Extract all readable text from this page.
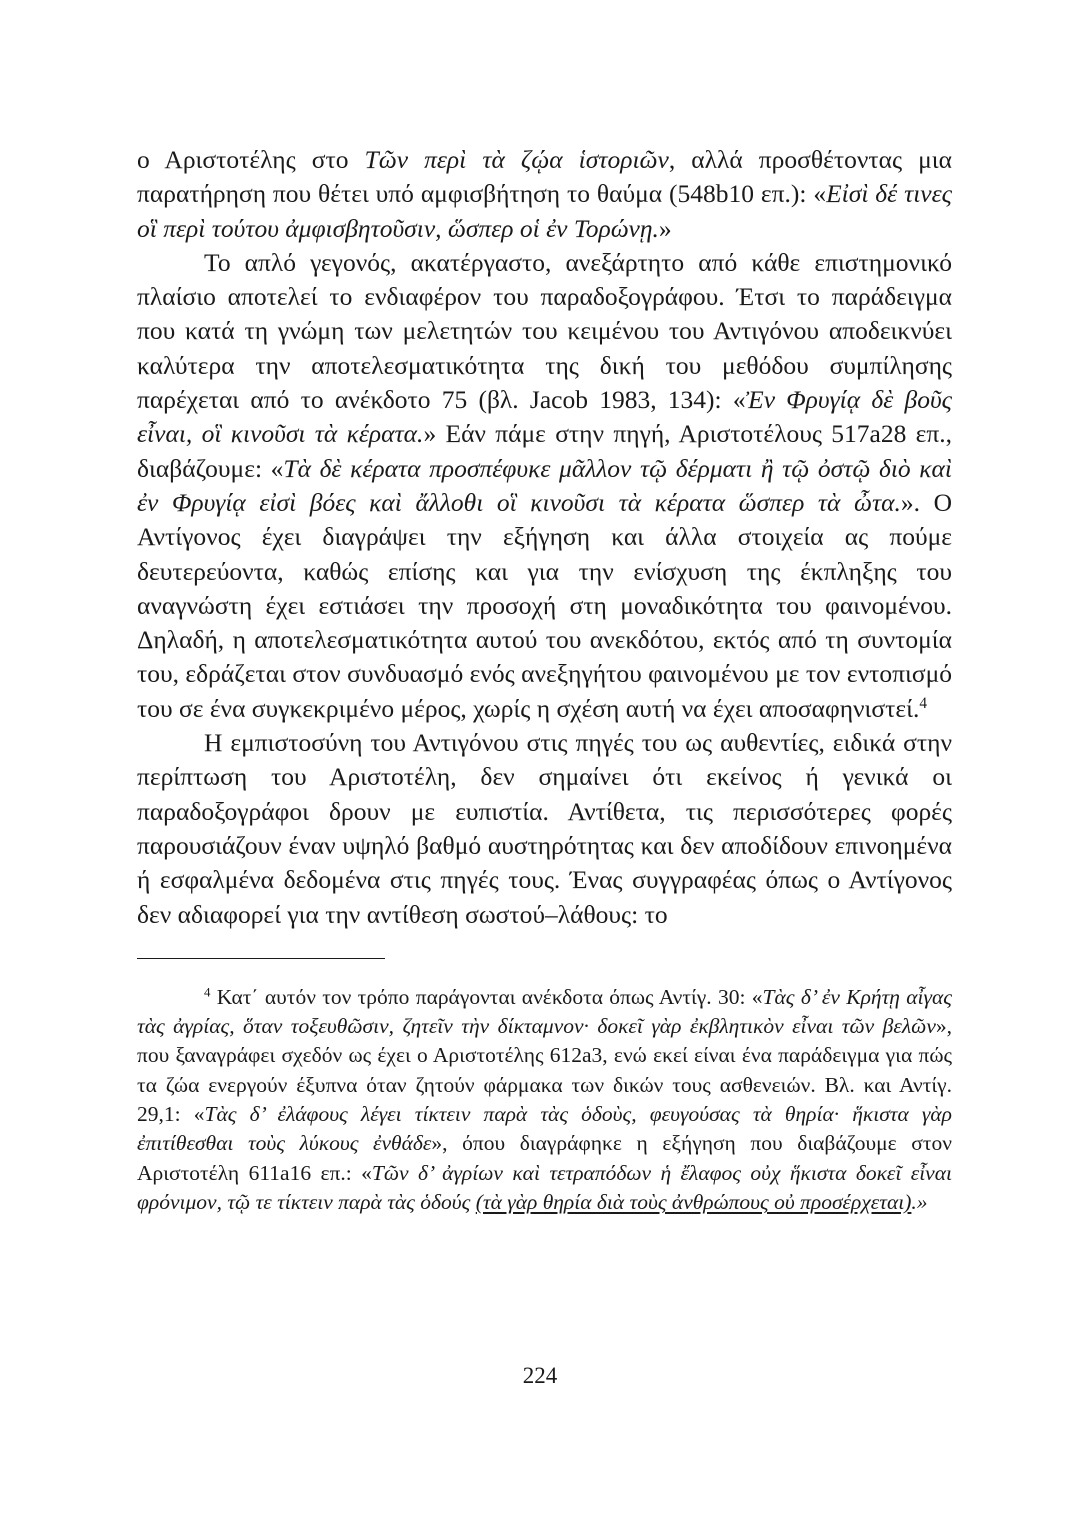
ο Αριστοτέλης στο Τῶν περὶ τὰ ζῴα ἱστοριῶν, αλλά προσθέτοντας μια παρατήρηση που θέτει υπό αμφισβήτηση το θαύμα (548b10 επ.): «Εἰσὶ δέ τινες οἳ περὶ τούτου ἀμφισβητοῦσιν, ὥσπερ οἱ ἐν Τορώνῃ.»

Το απλό γεγονός, ακατέργαστο, ανεξάρτητο από κάθε επιστημονικό πλαίσιο αποτελεί το ενδιαφέρον του παραδοξογράφου. Έτσι το παράδειγμα που κατά τη γνώμη των μελετητών του κειμένου του Αντιγόνου αποδεικνύει καλύτερα την αποτελεσματικότητα της δική του μεθόδου συμπίλησης παρέχεται από το ανέκδοτο 75 (βλ. Jacob 1983, 134): «Ἐν Φρυγίᾳ δὲ βοῦς εἶναι, οἳ κινοῦσι τὰ κέρατα.» Εάν πάμε στην πηγή, Αριστοτέλους 517a28 επ., διαβάζουμε: «Τὰ δὲ κέρατα προσπέφυκε μᾶλλον τῷ δέρματι ἢ τῷ ὀστῷ διὸ καὶ ἐν Φρυγίᾳ εἰσὶ βόες καὶ ἄλλοθι οἳ κινοῦσι τὰ κέρατα ὥσπερ τὰ ὦτα.». Ο Αντίγονος έχει διαγράψει την εξήγηση και άλλα στοιχεία ας πούμε δευτερεύοντα, καθώς επίσης και για την ενίσχυση της έκπληξης του αναγνώστη έχει εστιάσει την προσοχή στη μοναδικότητα του φαινομένου. Δηλαδή, η αποτελεσματικότητα αυτού του ανεκδότου, εκτός από τη συντομία του, εδράζεται στον συνδυασμό ενός ανεξηγήτου φαινομένου με τον εντοπισμό του σε ένα συγκεκριμένο μέρος, χωρίς η σχέση αυτή να έχει αποσαφηνιστεί.$^4$

Η εμπιστοσύνη του Αντιγόνου στις πηγές του ως αυθεντίες, ειδικά στην περίπτωση του Αριστοτέλη, δεν σημαίνει ότι εκείνος ή γενικά οι παραδοξογράφοι δρουν με ευπιστία. Αντίθετα, τις περισσότερες φορές παρουσιάζουν έναν υψηλό βαθμό αυστηρότητας και δεν αποδίδουν επινοημένα ή εσφαλμένα δεδομένα στις πηγές τους. Ένας συγγραφέας όπως ο Αντίγονος δεν αδιαφορεί για την αντίθεση σωστού–λάθους: το

$^4$ Κατ΄ αυτόν τον τρόπο παράγονται ανέκδοτα όπως Αντίγ. 30: «Τὰς δ’ ἐν Κρήτῃ αἶγας τὰς ἀγρίας, ὅταν τοξευθῶσιν, ζητεῖν τὴν δίκταμνον· δοκεῖ γὰρ ἐκβλητικὸν εἶναι τῶν βελῶν», που ξαναγράφει σχεδόν ως έχει ο Αριστοτέλης 612a3, ενώ εκεί είναι ένα παράδειγμα για πώς τα ζώα ενεργούν έξυπνα όταν ζητούν φάρμακα των δικών τους ασθενειών. Βλ. και Αντίγ. 29,1: «Τὰς δ’ ἐλάφους λέγει τίκτειν παρὰ τὰς ὁδοὺς, φευγούσας τὰ θηρία· ἥκιστα γὰρ ἐπιτίθεσθαι τοὺς λύκους ἐνθάδε», όπου διαγράφηκε η εξήγηση που διαβάζουμε στον Αριστοτέλη 611a16 επ.: «Τῶν δ’ ἀγρίων καὶ τετραπόδων ἡ ἔλαφος οὐχ ἥκιστα δοκεῖ εἶναι φρόνιμον, τῷ τε τίκτειν παρὰ τὰς ὁδούς (τὰ γὰρ θηρία διὰ τοὺς ἀνθρώπους οὐ προσέρχεται).»
224
